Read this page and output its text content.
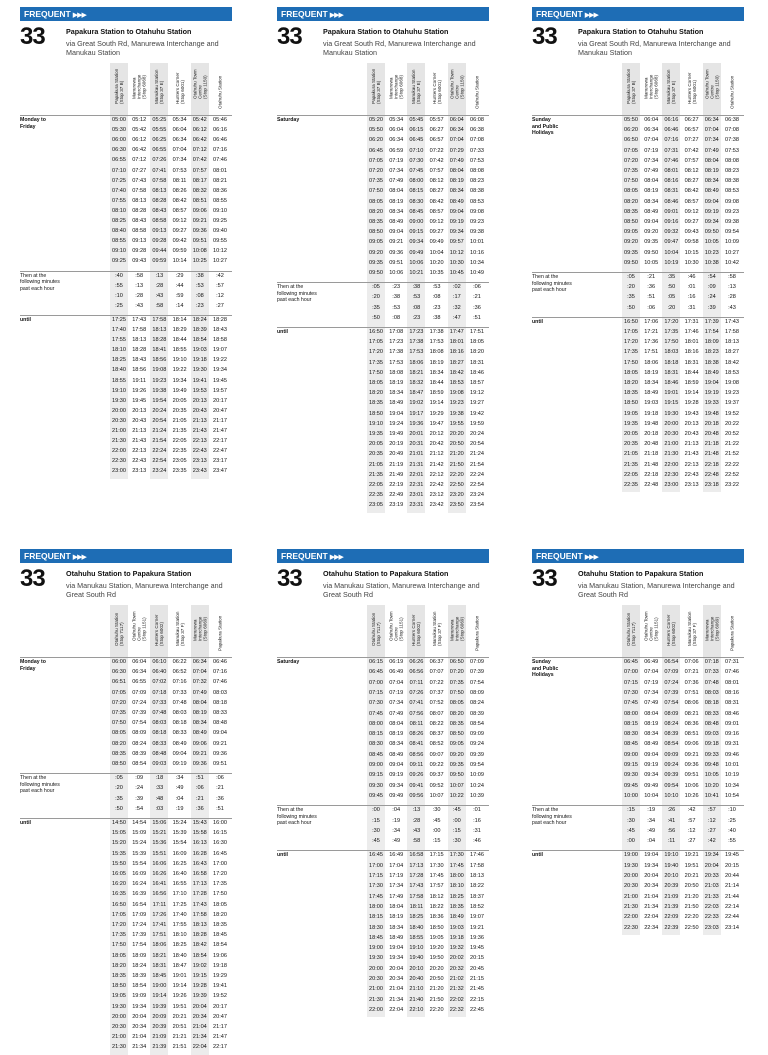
FREQUENT ▶▶▶
33	Papakura Station to Otahuhu Station
via Great South Rd, Manurewa Interchange and Manukau Station
Papakura Station
(Stop 37 B) Manurewa
Interchange
(Stop 6068)
Manukau Station
(Stop 37 E)
Hunters Corner
(Stop 6001) Otahuhu Town
Centre
(Stop 1150) Otahuhu Station
Monday to
Friday
05:00	05:12	05:25	05:34	05:42	05:46
05:30	05:42	05:55	06:04	06:12	06:16
06:00	06:12	06:25	06:34	06:42	06:46
06:30	06:42	06:55	07:04	07:12	07:16
06:55	07:12	07:26	07:34	07:42	07:46
07:10	07:27	07:41	07:53	07:57	08:01
07:25	07:43	07:58	08:11	08:17	08:21
07:40	07:58	08:13	08:26	08:32	08:36
07:55	08:13	08:28	08:42	08:51	08:55
08:10	08:28	08:43	08:57	09:06	09:10
08:25	08:43	08:58	09:12	09:21	09:25
08:40	08:58	09:13	09:27	09:36	09:40
08:55	09:13	09:28	09:42	09:51	09:55
09:10	09:28	09:44	09:59	10:08	10:12
09:25	09:43	09:59	10:14	10:25	10:27
Then at the
following minutes
past each hour
:40	:58	:13	:29	:38	:42
:55	:13	:28	:44	:53	:57
:10	:28	:43	:59	:08	:12
:25	:43	:58	:14	:23	:27
until	17:25	17:43	17:58	18:14	18:24	18:28
17:40	17:58	18:13	18:29	18:39	18:43
17:55	18:13	18:28	18:44	18:54	18:58
18:10	18:28	18:41	18:55	19:03	19:07
18:25	18:43	18:56	19:10	19:18	19:22
18:40	18:56	19:08	19:22	19:30	19:34
18:55	19:11	19:23	19:34	19:41	19:45
19:10	19:26	19:38	19:49	19:53	19:57
19:30	19:45	19:54	20:05	20:13	20:17
20:00	20:13	20:24	20:35	20:43	20:47
20:30	20:43	20:54	21:05	21:13	21:17
21:00	21:13	21:24	21:35	21:43	21:47
21:30	21:43	21:54	22:05	22:13	22:17
22:00	22:13	22:24	22:35	22:43	22:47
22:30	22:43	22:54	23:05	23:13	23:17
23:00	23:13	23:24	23:35	23:43	23:47
FREQUENT ▶▶▶
33	Papakura Station to Otahuhu Station
via Great South Rd, Manurewa Interchange and Manukau Station
Papakura Station
(Stop 37 B) Manurewa
Interchange
(Stop 6068)
Manukau Station
(Stop 37 E)
Hunters Corner
(Stop 6001) Otahuhu Town
Centre
(Stop 1150) Otahuhu Station
Saturday	05:20	05:34	05:45	05:57	06:04	06:08
05:50	06:04	06:15	06:27	06:34	06:38
06:20	06:34	06:45	06:57	07:04	07:08
06:45	06:59	07:10	07:22	07:29	07:33
07:05	07:19	07:30	07:42	07:49	07:53
07:20	07:34	07:45	07:57	08:04	08:08
07:35	07:49	08:00	08:12	08:19	08:23
07:50	08:04	08:15	08:27	08:34	08:38
08:05	08:19	08:30	08:42	08:49	08:53
08:20	08:34	08:45	08:57	09:04	09:08
08:35	08:49	09:00	09:12	09:19	09:23
08:50	09:04	09:15	09:27	09:34	09:38
09:05	09:21	09:34	09:49	09:57	10:01
09:20	09:36	09:49	10:04	10:12	10:16
09:35	09:51	10:06	10:20	10:30	10:34
09:50	10:06	10:21	10:35	10:45	10:49
Then at the
following minutes
past each hour
:05	:23	:38	:53	:02	:06
:20	:38	:53	:08	:17	:21
:35	:53	:08	:23	:32	:36
:50	:08	:23	:38	:47	:51
until	16:50	17:08	17:23	17:38	17:47	17:51
17:05	17:23	17:38	17:53	18:01	18:05
17:20	17:38	17:53	18:08	18:16	18:20
17:35	17:53	18:06	18:19	18:27	18:31
17:50	18:08	18:21	18:34	18:42	18:46
18:05	18:19	18:32	18:44	18:53	18:57
18:20	18:34	18:47	18:59	19:08	19:12
18:35	18:49	19:02	19:14	19:23	19:27
18:50	19:04	19:17	19:29	19:38	19:42
19:10	19:24	19:36	19:47	19:55	19:59
19:35	19:49	20:01	20:12	20:20	20:24
20:05	20:19	20:31	20:42	20:50	20:54
20:35	20:49	21:01	21:12	21:20	21:24
21:05	21:19	21:31	21:42	21:50	21:54
21:35	21:49	22:01	22:12	22:20	22:24
22:05	22:19	22:31	22:42	22:50	22:54
22:35	22:49	23:01	23:12	23:20	23:24
23:05	23:19	23:31	23:42	23:50	23:54
FREQUENT ▶▶▶
33	Papakura Station to Otahuhu Station
via Great South Rd, Manurewa Interchange and Manukau Station
Papakura Station
(Stop 37 B) Manurewa
Interchange
(Stop 6068)
Manukau Station
(Stop 37 E)
Hunters Corner
(Stop 6001) Otahuhu Town
Centre
(Stop 1150) Otahuhu Station
Sunday
and Public
Holidays
05:50	06:04	06:16	06:27	06:34	06:38
06:20	06:34	06:46	06:57	07:04	07:08
06:50	07:04	07:16	07:27	07:34	07:38
07:05	07:19	07:31	07:42	07:49	07:53
07:20	07:34	07:46	07:57	08:04	08:08
07:35	07:49	08:01	08:12	08:19	08:23
07:50	08:04	08:16	08:27	08:34	08:38
08:05	08:19	08:31	08:42	08:49	08:53
08:20	08:34	08:46	08:57	09:04	09:08
08:35	08:49	09:01	09:12	09:19	09:23
08:50	09:04	09:16	09:27	09:34	09:38
09:05	09:20	09:32	09:43	09:50	09:54
09:20	09:35	09:47	09:58	10:05	10:09
09:35	09:50	10:04	10:15	10:23	10:27
09:50	10:05	10:19	10:30	10:38	10:42
Then at the
following minutes
past each hour
:05	:21	:35	:46	:54	:58
:20	:36	:50	:01	:09	:13
:35	:51	:05	:16	:24	:28
:50	:06	:20	:31	:39	:43
until	16:50	17:06	17:20	17:31	17:39	17:43
17:05	17:21	17:35	17:46	17:54	17:58
17:20	17:36	17:50	18:01	18:09	18:13
17:35	17:51	18:03	18:16	18:23	18:27
17:50	18:06	18:18	18:31	18:38	18:42
18:05	18:19	18:31	18:44	18:49	18:53
18:20	18:34	18:46	18:59	19:04	19:08
18:35	18:49	19:01	19:14	19:19	19:23
18:50	19:03	19:15	19:28	19:33	19:37
19:05	19:18	19:30	19:43	19:48	19:52
19:35	19:48	20:00	20:13	20:18	20:22
20:05	20:18	20:30	20:43	20:48	20:52
20:35	20:48	21:00	21:13	21:18	21:22
21:05	21:18	21:30	21:43	21:48	21:52
21:35	21:48	22:00	22:13	22:18	22:22
22:05	22:18	22:30	22:43	22:48	22:52
22:35	22:48	23:00	23:13	23:18	23:22
FREQUENT ▶▶▶
33	Otahuhu Station to Papakura Station
via Manukau Station, Manurewa Interchange and Great South Rd
Otahuhu Station
(Stop 7117) Otahuhu Town
Centre
(Stop 1151)
Hunters Corner
(Stop 6002) Manukau Station
(Stop 37 F) Manurewa
Interchange
(Stop 6069) Papakura Station
Monday to
Friday
06:00	06:04	06:10	06:22	06:34	06:46
06:30	06:34	06:40	06:52	07:04	07:16
06:51	06:55	07:02	07:16	07:32	07:46
07:05	07:09	07:18	07:33	07:49	08:03
07:20	07:24	07:33	07:48	08:04	08:18
07:35	07:39	07:48	08:03	08:19	08:33
07:50	07:54	08:03	08:18	08:34	08:48
08:05	08:09	08:18	08:33	08:49	09:04
08:20	08:24	08:33	08:49	09:06	09:21
08:35	08:39	08:48	09:04	09:21	09:36
08:50	08:54	09:03	09:19	09:36	09:51
Then at the
following minutes
past each hour
:05	:09	:18	:34	:51	:06
:20	:24	:33	:49	:06	:21
:35	:39	:48	:04	:21	:36
:50	:54	:03	:19	:36	:51
until	14:50	14:54	15:06	15:24	15:43	16:00
15:05	15:09	15:21	15:39	15:58	16:15
15:20	15:24	15:36	15:54	16:13	16:30
15:35	15:39	15:51	16:09	16:28	16:45
15:50	15:54	16:06	16:25	16:43	17:00
16:05	16:09	16:26	16:40	16:58	17:20
16:20	16:24	16:41	16:55	17:13	17:35
16:35	16:39	16:56	17:10	17:28	17:50
16:50	16:54	17:11	17:25	17:43	18:05
17:05	17:09	17:26	17:40	17:58	18:20
17:20	17:24	17:41	17:55	18:13	18:35
17:35	17:39	17:51	18:10	18:28	18:45
17:50	17:54	18:06	18:25	18:42	18:54
18:05	18:09	18:21	18:40	18:54	19:06
18:20	18:24	18:31	18:47	19:02	19:18
18:35	18:39	18:45	19:01	19:15	19:29
18:50	18:54	19:00	19:14	19:28	19:41
19:05	19:09	19:14	19:26	19:39	19:52
19:30	19:34	19:39	19:51	20:04	20:17
20:00	20:04	20:09	20:21	20:34	20:47
20:30	20:34	20:39	20:51	21:04	21:17
21:00	21:04	21:09	21:21	21:34	21:47
21:30	21:34	21:39	21:51	22:04	22:17
FREQUENT ▶▶▶
33	Otahuhu Station to Papakura Station
via Manukau Station, Manurewa Interchange and Great South Rd
Otahuhu Station
(Stop 7117) Otahuhu Town
Centre
(Stop 1151)
Hunters Corner
(Stop 6002) Manukau Station
(Stop 37 F) Manurewa
Interchange
(Stop 6069) Papakura Station
Saturday	06:15	06:19	06:26	06:37	06:50	07:09
06:45	06:49	06:56	07:07	07:20	07:39
07:00	07:04	07:11	07:22	07:35	07:54
07:15	07:19	07:26	07:37	07:50	08:09
07:30	07:34	07:41	07:52	08:05	08:24
07:45	07:49	07:56	08:07	08:20	08:39
08:00	08:04	08:11	08:22	08:35	08:54
08:15	08:19	08:26	08:37	08:50	09:09
08:30	08:34	08:41	08:52	09:05	09:24
08:45	08:49	08:56	09:07	09:20	09:39
09:00	09:04	09:11	09:22	09:35	09:54
09:15	09:19	09:26	09:37	09:50	10:09
09:30	09:34	09:41	09:52	10:07	10:24
09:45	09:49	09:56	10:07	10:22	10:39
Then at the
following minutes
past each hour
:00	:04	:13	:30	:45	:01
:15	:19	:28	:45	:00	:16
:30	:34	:43	:00	:15	:31
:45	:49	:58	:15	:30	:46
until	16:45	16:49	16:58	17:15	17:30	17:46
17:00	17:04	17:13	17:30	17:45	17:58
17:15	17:19	17:28	17:45	18:00	18:13
17:30	17:34	17:43	17:57	18:10	18:22
17:45	17:49	17:58	18:12	18:25	18:37
18:00	18:04	18:11	18:22	18:35	18:52
18:15	18:19	18:25	18:36	18:49	19:07
18:30	18:34	18:40	18:50	19:03	19:21
18:45	18:49	18:55	19:05	19:18	19:36
19:00	19:04	19:10	19:20	19:32	19:45
19:30	19:34	19:40	19:50	20:02	20:15
20:00	20:04	20:10	20:20	20:32	20:45
20:30	20:34	20:40	20:50	21:02	21:15
21:00	21:04	21:10	21:20	21:32	21:45
21:30	21:34	21:40	21:50	22:02	22:15
22:00	22:04	22:10	22:20	22:32	22:45
FREQUENT ▶▶▶
33	Otahuhu Station to Papakura Station
via Manukau Station, Manurewa Interchange and Great South Rd
Otahuhu Station
(Stop 7117) Otahuhu Town
Centre
(Stop 1151)
Hunters Corner
(Stop 6002) Manukau Station
(Stop 37 F) Manurewa
Interchange
(Stop 6069) Papakura Station
Sunday
and Public
Holidays
06:45	06:49	06:54	07:06	07:18	07:31
07:00	07:04	07:09	07:21	07:33	07:46
07:15	07:19	07:24	07:36	07:48	08:01
07:30	07:34	07:39	07:51	08:03	08:16
07:45	07:49	07:54	08:06	08:18	08:31
08:00	08:04	08:09	08:21	08:33	08:46
08:15	08:19	08:24	08:36	08:48	09:01
08:30	08:34	08:39	08:51	09:03	09:16
08:45	08:49	08:54	09:06	09:18	09:31
09:00	09:04	09:09	09:21	09:33	09:46
09:15	09:19	09:24	09:36	09:48	10:01
09:30	09:34	09:39	09:51	10:05	10:19
09:45	09:49	09:54	10:06	10:20	10:34
10:00	10:04	10:10	10:26	10:41	10:54
Then at the
following minutes
past each hour
:15	:19	:26	:42	:57	:10
:30	:34	:41	:57	:12	:25
:45	:49	:56	:12	:27	:40
:00	:04	:11	:27	:42	:55
until	19:00	19:04	19:10	19:21	19:34	19:45
19:30	19:34	19:40	19:51	20:04	20:15
20:00	20:04	20:10	20:21	20:33	20:44
20:30	20:34	20:39	20:50	21:03	21:14
21:00	21:04	21:09	21:20	21:33	21:44
21:30	21:34	21:39	21:50	22:03	22:14
22:00	22:04	22:09	22:20	22:33	22:44
22:30	22:34	22:39	22:50	23:03	23:14
